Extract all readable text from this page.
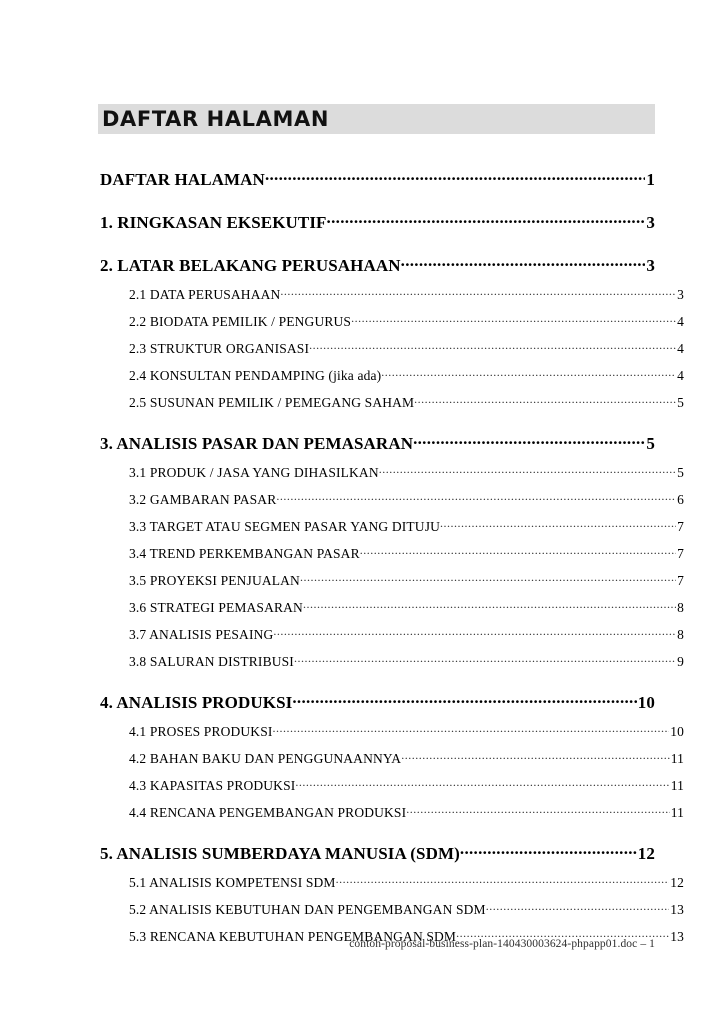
DAFTAR HALAMAN
DAFTAR HALAMAN .....	1
1. RINGKASAN EKSEKUTIF .....	3
2. LATAR BELAKANG PERUSAHAAN .....	3
2.1 DATA PERUSAHAAN .....	3
2.2 BIODATA PEMILIK / PENGURUS .....	4
2.3 STRUKTUR ORGANISASI .....	4
2.4 KONSULTAN PENDAMPING (jika ada) .....	4
2.5 SUSUNAN PEMILIK / PEMEGANG SAHAM .....	5
3. ANALISIS PASAR DAN PEMASARAN .....	5
3.1 PRODUK / JASA YANG DIHASILKAN .....	5
3.2 GAMBARAN PASAR .....	6
3.3 TARGET ATAU SEGMEN PASAR YANG DITUJU .....	7
3.4 TREND PERKEMBANGAN PASAR .....	7
3.5 PROYEKSI PENJUALAN .....	7
3.6 STRATEGI PEMASARAN .....	8
3.7 ANALISIS PESAING .....	8
3.8 SALURAN DISTRIBUSI .....	9
4. ANALISIS PRODUKSI .....	10
4.1 PROSES PRODUKSI .....	10
4.2 BAHAN BAKU DAN PENGGUNAANNYA .....	11
4.3 KAPASITAS PRODUKSI .....	11
4.4 RENCANA PENGEMBANGAN PRODUKSI .....	11
5. ANALISIS SUMBERDAYA MANUSIA (SDM) .....	12
5.1 ANALISIS KOMPETENSI SDM .....	12
5.2 ANALISIS KEBUTUHAN DAN PENGEMBANGAN SDM .....	13
5.3 RENCANA KEBUTUHAN PENGEMBANGAN SDM .....	13
contoh-proposal-business-plan-140430003624-phpapp01.doc – 1
